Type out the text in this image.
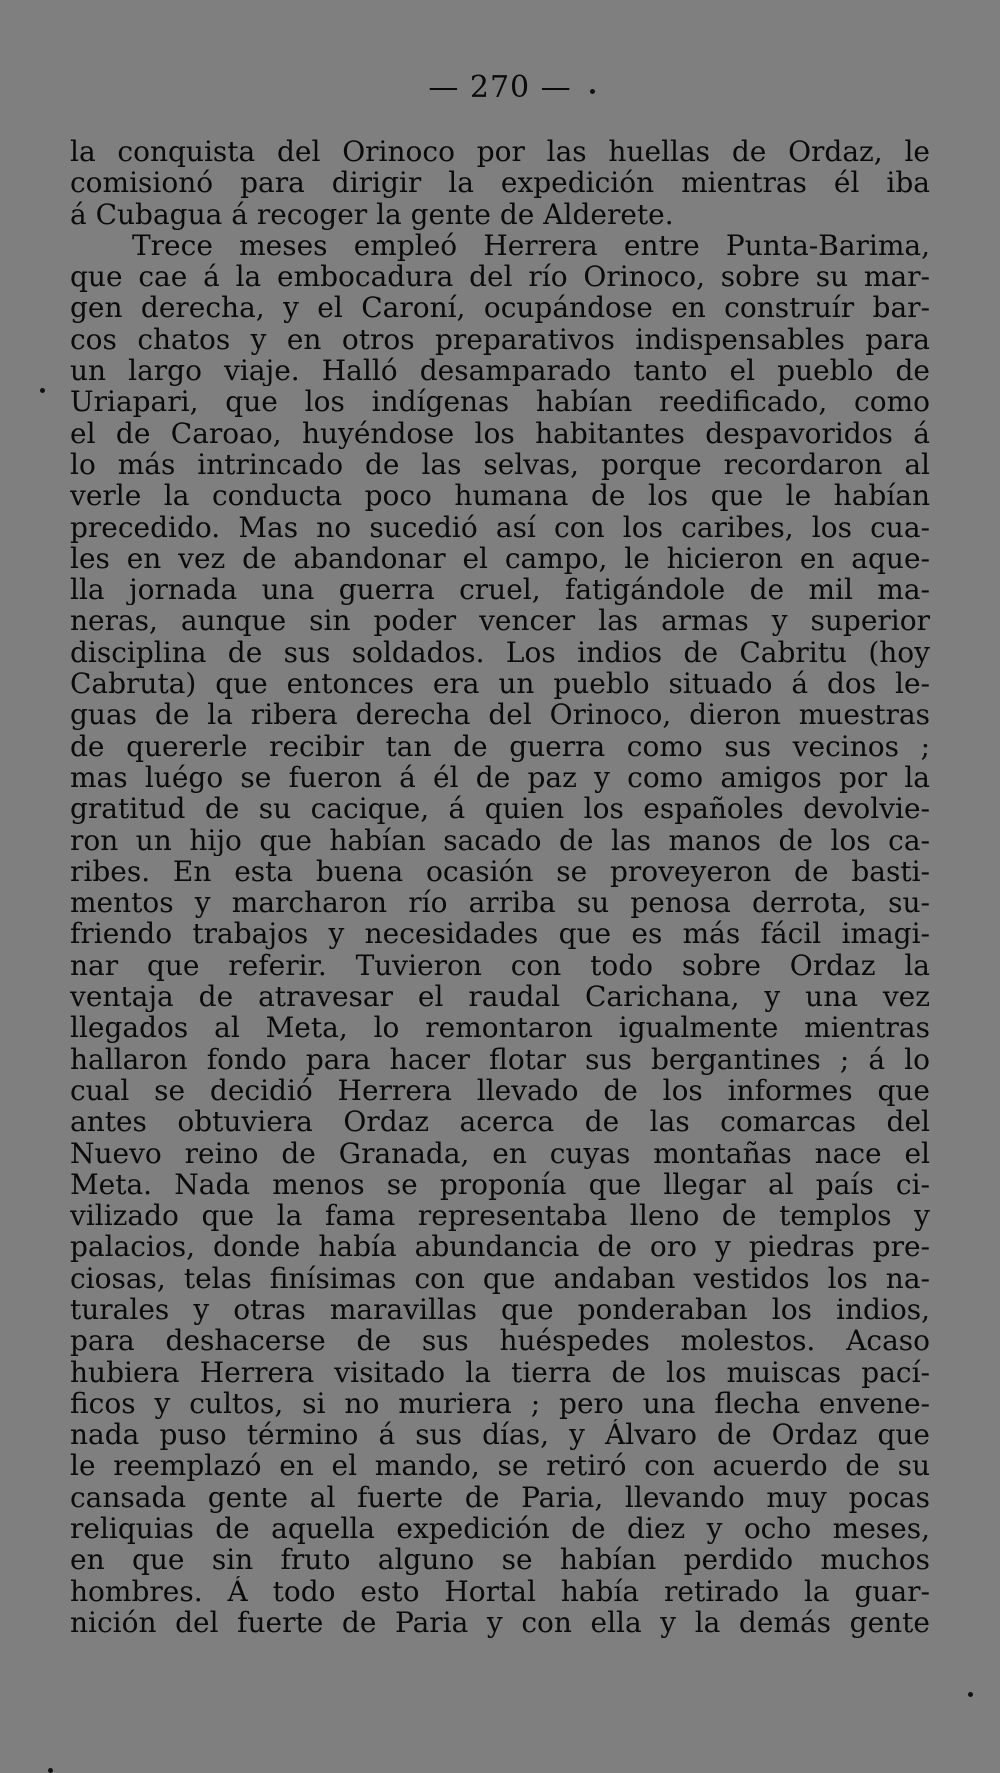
— 270 —
la conquista del Orinoco por las huellas de Ordaz, le
comisionó para dirigir la expedición mientras él iba
á Cubagua á recoger la gente de Alderete.
Trece meses empleó Herrera entre Punta-Barima,
que cae á la embocadura del río Orinoco, sobre su mar-
gen derecha, y el Caroní, ocupándose en construír bar-
cos chatos y en otros preparativos indispensables para
un largo viaje. Halló desamparado tanto el pueblo de
Uriapari, que los indígenas habían reedificado, como
el de Caroao, huyéndose los habitantes despavoridos á
lo más intrincado de las selvas, porque recordaron al
verle la conducta poco humana de los que le habían
precedido. Mas no sucedió así con los caribes, los cua-
les en vez de abandonar el campo, le hicieron en aque-
lla jornada una guerra cruel, fatigándole de mil ma-
neras, aunque sin poder vencer las armas y superior
disciplina de sus soldados. Los indios de Cabritu (hoy
Cabruta) que entonces era un pueblo situado á dos le-
guas de la ribera derecha del Orinoco, dieron muestras
de quererle recibir tan de guerra como sus vecinos ;
mas luégo se fueron á él de paz y como amigos por la
gratitud de su cacique, á quien los españoles devolvie-
ron un hijo que habían sacado de las manos de los ca-
ribes. En esta buena ocasión se proveyeron de basti-
mentos y marcharon río arriba su penosa derrota, su-
friendo trabajos y necesidades que es más fácil imagi-
nar que referir. Tuvieron con todo sobre Ordaz la
ventaja de atravesar el raudal Carichana, y una vez
llegados al Meta, lo remontaron igualmente mientras
hallaron fondo para hacer flotar sus bergantines ; á lo
cual se decidió Herrera llevado de los informes que
antes obtuviera Ordaz acerca de las comarcas del
Nuevo reino de Granada, en cuyas montañas nace el
Meta. Nada menos se proponía que llegar al país ci-
vilizado que la fama representaba lleno de templos y
palacios, donde había abundancia de oro y piedras pre-
ciosas, telas finísimas con que andaban vestidos los na-
turales y otras maravillas que ponderaban los indios,
para deshacerse de sus huéspedes molestos. Acaso
hubiera Herrera visitado la tierra de los muiscas pací-
ficos y cultos, si no muriera ; pero una flecha envene-
nada puso término á sus días, y Álvaro de Ordaz que
le reemplazó en el mando, se retiró con acuerdo de su
cansada gente al fuerte de Paria, llevando muy pocas
reliquias de aquella expedición de diez y ocho meses,
en que sin fruto alguno se habían perdido muchos
hombres. Á todo esto Hortal había retirado la guar-
nición del fuerte de Paria y con ella y la demás gente
